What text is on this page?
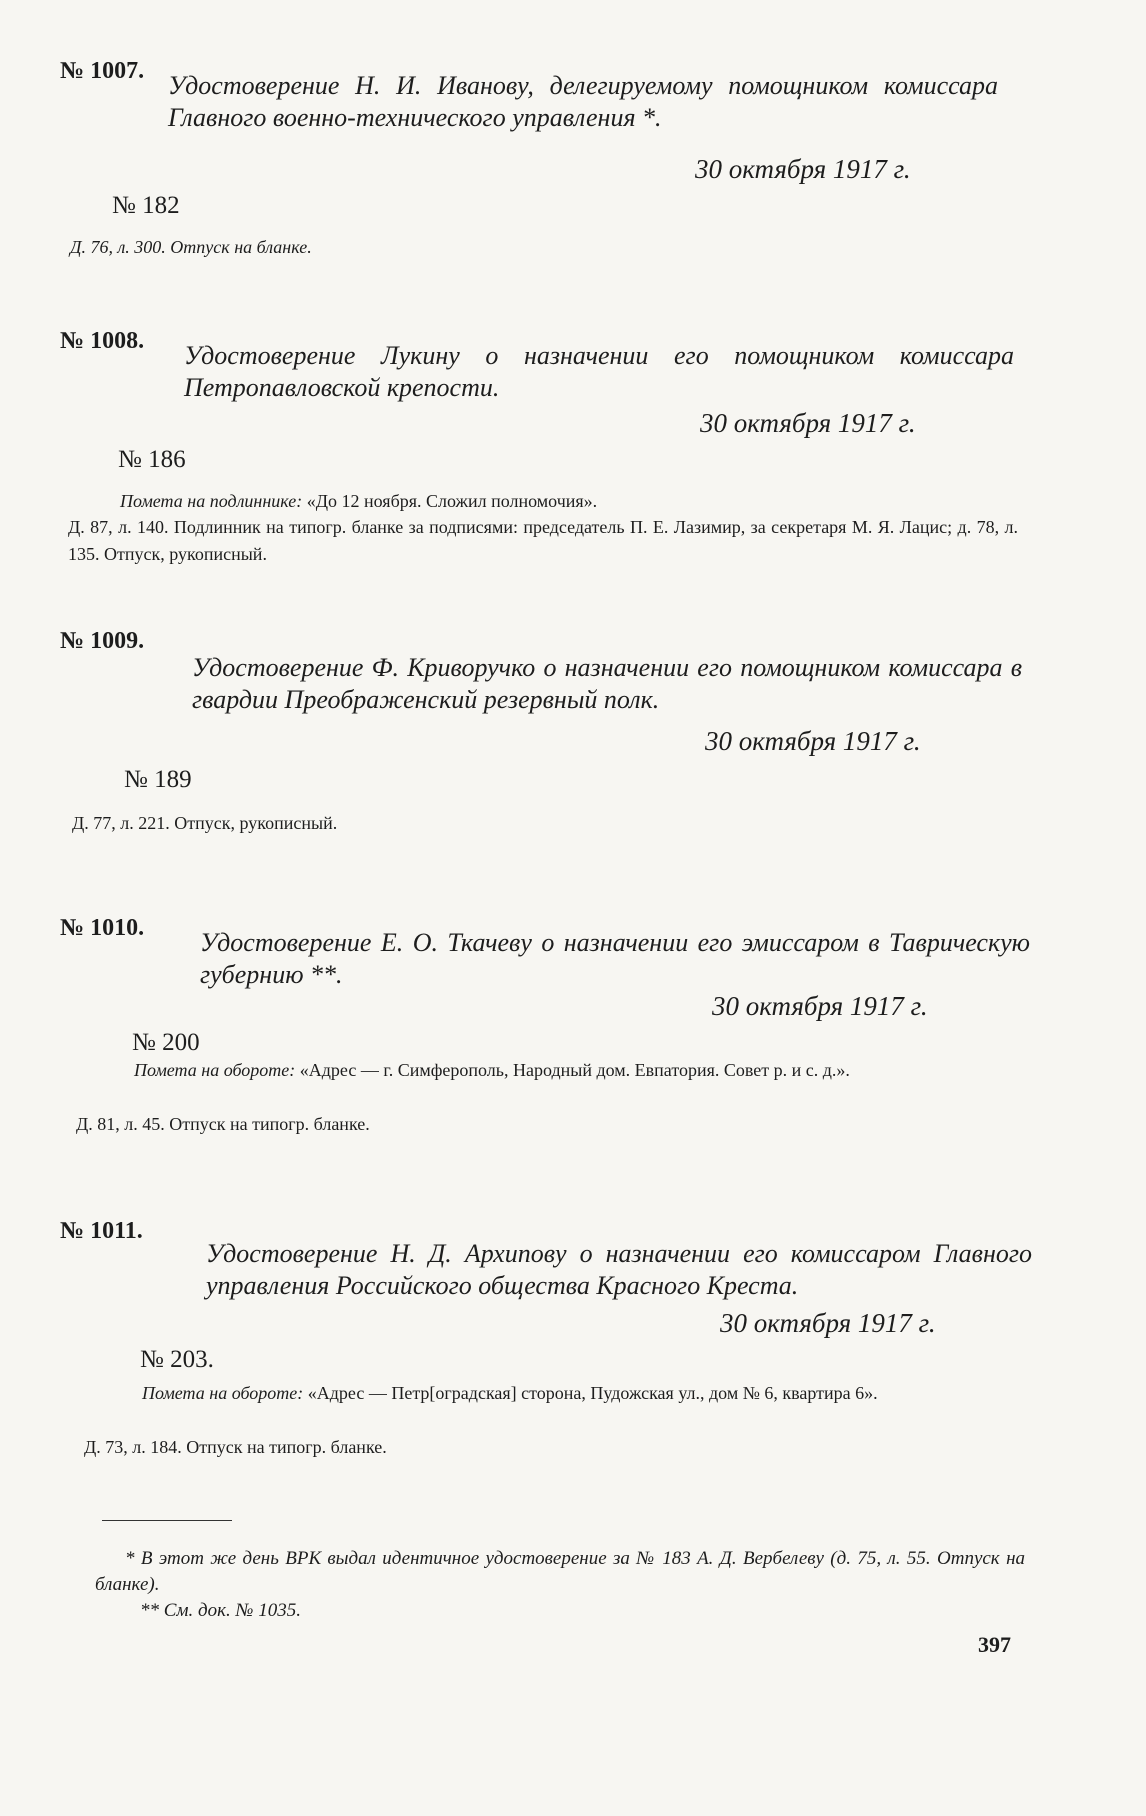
№ 1007. Удостоверение Н. И. Иванову, делегируемому помощником комиссара Главного военно-технического управления *.
30 октября 1917 г.
№ 182
Д. 76, л. 300. Отпуск на бланке.
№ 1008. Удостоверение Лукину о назначении его помощником комиссара Петропавловской крепости.
30 октября 1917 г.
№ 186
Помета на подлиннике: «До 12 ноября. Сложил полномочия».
Д. 87, л. 140. Подлинник на типогр. бланке за подписями: председатель П. Е. Лазимир, за секретаря М. Я. Лацис; д. 78, л. 135. Отпуск, рукописный.
№ 1009.
Удостоверение Ф. Криворучко о назначении его помощником комиссара в гвардии Преображенский резервный полк.
30 октября 1917 г.
№ 189
Д. 77, л. 221. Отпуск, рукописный.
№ 1010. Удостоверение Е. О. Ткачеву о назначении его эмиссаром в Таврическую губернию **.
30 октября 1917 г.
№ 200
Помета на обороте: «Адрес — г. Симферополь, Народный дом. Евпатория. Совет р. и с. д.».
Д. 81, л. 45. Отпуск на типогр. бланке.
№ 1011.
Удостоверение Н. Д. Архипову о назначении его комиссаром Главного управления Российского общества Красного Креста.
30 октября 1917 г.
№ 203.
Помета на обороте: «Адрес — Петр[оградская] сторона, Пудожская ул., дом № 6, квартира 6».
Д. 73, л. 184. Отпуск на типогр. бланке.
* В этот же день ВРК выдал идентичное удостоверение за № 183 А. Д. Вербелеву (д. 75, л. 55. Отпуск на бланке).
** См. док. № 1035.
397
